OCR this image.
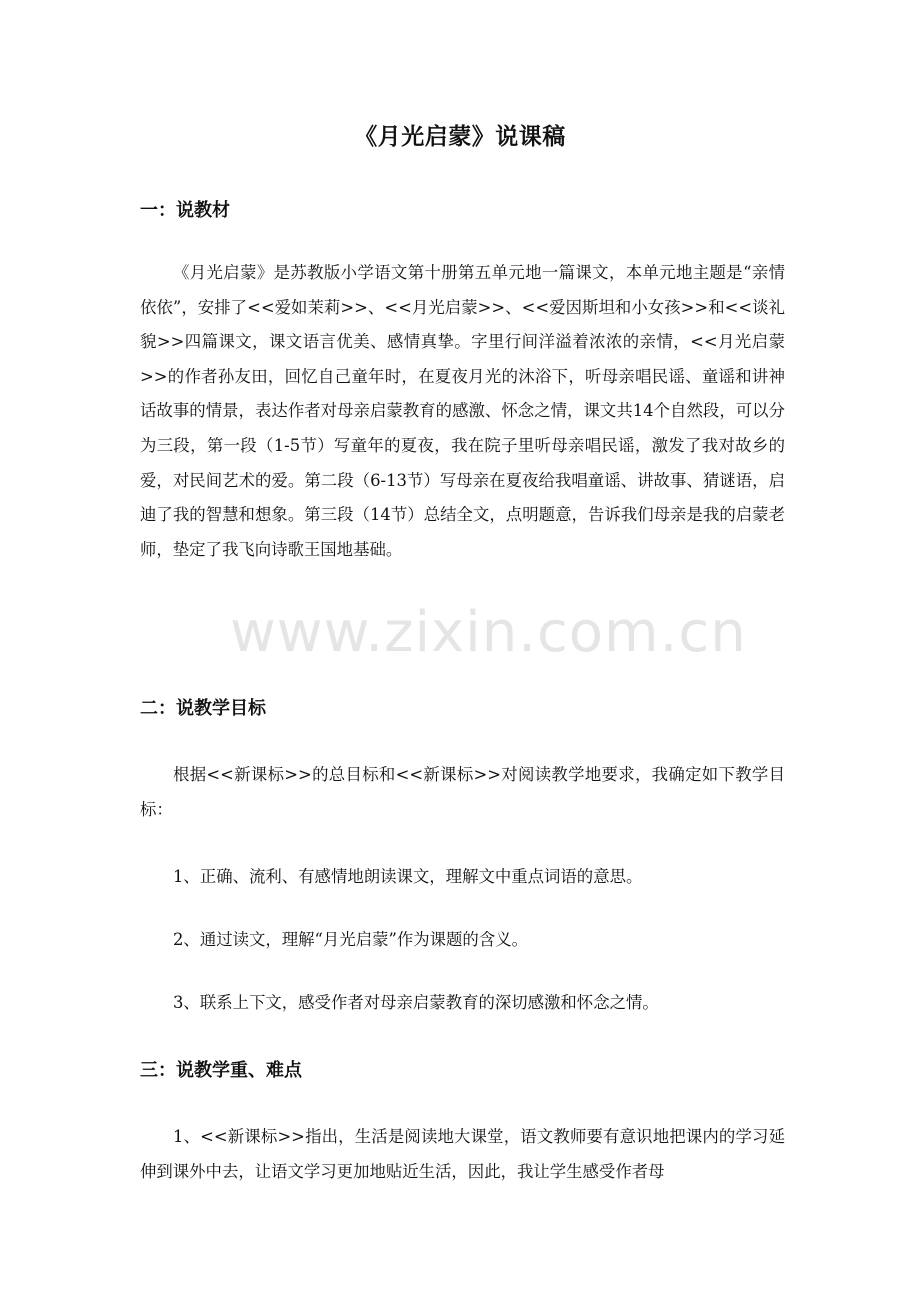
《月光启蒙》说课稿
一：说教材

《月光启蒙》是苏教版小学语文第十册第五单元地一篇课文，本单元地主题是“亲情依依”，安排了<<爱如茉莉>>、<<月光启蒙>>、<<爱因斯坦和小女孩>>和<<谈礼貌>>四篇课文，课文语言优美、感情真挚。字里行间洋溢着浓浓的亲情，<<月光启蒙>>的作者孙友田，回忆自己童年时，在夏夜月光的沐浴下，听母亲唱民谣、童谣和讲神话故事的情景，表达作者对母亲启蒙教育的感激、怀念之情，课文共14个自然段，可以分为三段，第一段（1-5节）写童年的夏夜，我在院子里听母亲唱民谣，激发了我对故乡的爱，对民间艺术的爱。第二段（6-13节）写母亲在夏夜给我唱童谣、讲故事、猜谜语，启迪了我的智慧和想象。第三段（14节）总结全文，点明题意，告诉我们母亲是我的启蒙老师，垫定了我飞向诗歌王国地基础。

二：说教学目标

根据<<新课标>>的总目标和<<新课标>>对阅读教学地要求，我确定如下教学目标：

1、正确、流利、有感情地朗读课文，理解文中重点词语的意思。

2、通过读文，理解“月光启蒙”作为课题的含义。

3、联系上下文，感受作者对母亲启蒙教育的深切感激和怀念之情。

三：说教学重、难点

1、<<新课标>>指出，生活是阅读地大课堂，语文教师要有意识地把课内的学习延伸到课外中去，让语文学习更加地贴近生活，因此，我让学生感受作者母

www.zixin.com.cn
